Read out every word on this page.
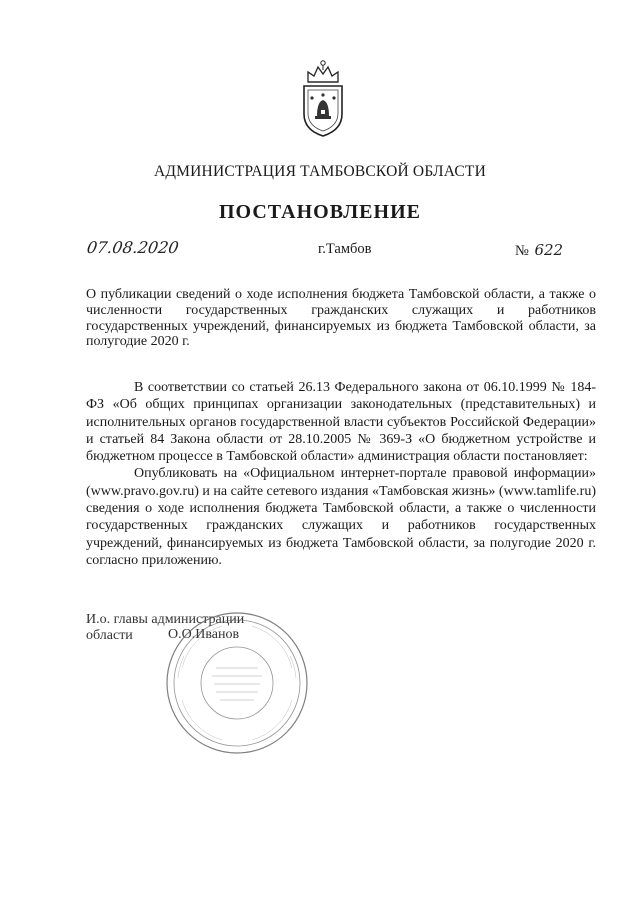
АДМИНИСТРАЦИЯ ТАМБОВСКОЙ ОБЛАСТИ
ПОСТАНОВЛЕНИЕ
07.08.2020	г.Тамбов	№ 622
О публикации сведений о ходе исполнения бюджета Тамбовской области, а также о численности государственных гражданских служащих и работников государственных учреждений, финансируемых из бюджета Тамбовской области, за полугодие 2020 г.

В соответствии со статьей 26.13 Федерального закона от 06.10.1999 № 184-ФЗ «Об общих принципах организации законодательных (представительных) и исполнительных органов государственной власти субъектов Российской Федерации» и статьей 84 Закона области от 28.10.2005 № 369-З «О бюджетном устройстве и бюджетном процессе в Тамбовской области» администрация области постановляет:

Опубликовать на «Официальном интернет-портале правовой информации» (www.pravo.gov.ru) и на сайте сетевого издания «Тамбовская жизнь» (www.tamlife.ru) сведения о ходе исполнения бюджета Тамбовской области, а также о численности государственных гражданских служащих и работников государственных учреждений, финансируемых из бюджета Тамбовской области, за полугодие 2020 г. согласно приложению.

И.о. главы администрации
области	О.О.Иванов
